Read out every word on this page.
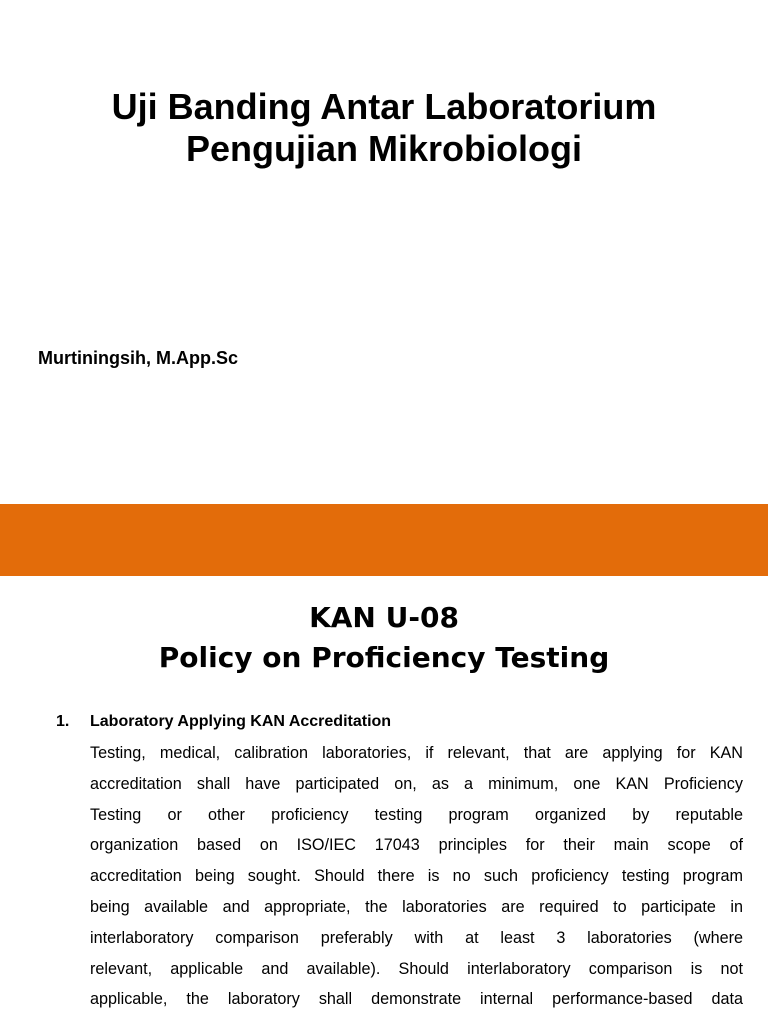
Uji Banding Antar Laboratorium
Pengujian Mikrobiologi
Murtiningsih, M.App.Sc
KAN U-08
Policy on Proficiency Testing
1. Laboratory Applying KAN Accreditation
Testing, medical, calibration laboratories, if relevant, that are applying for KAN
accreditation shall have participated on, as a minimum, one KAN Proficiency
Testing or other proficiency testing program organized by reputable
organization based on ISO/IEC 17043 principles for their main scope of
accreditation being sought. Should there is no such proficiency testing program
being available and appropriate, the laboratories are required to participate in
interlaboratory comparison preferably with at least 3 laboratories (where
relevant, applicable and available). Should interlaboratory comparison is not
applicable, the laboratory shall demonstrate internal performance-based data
